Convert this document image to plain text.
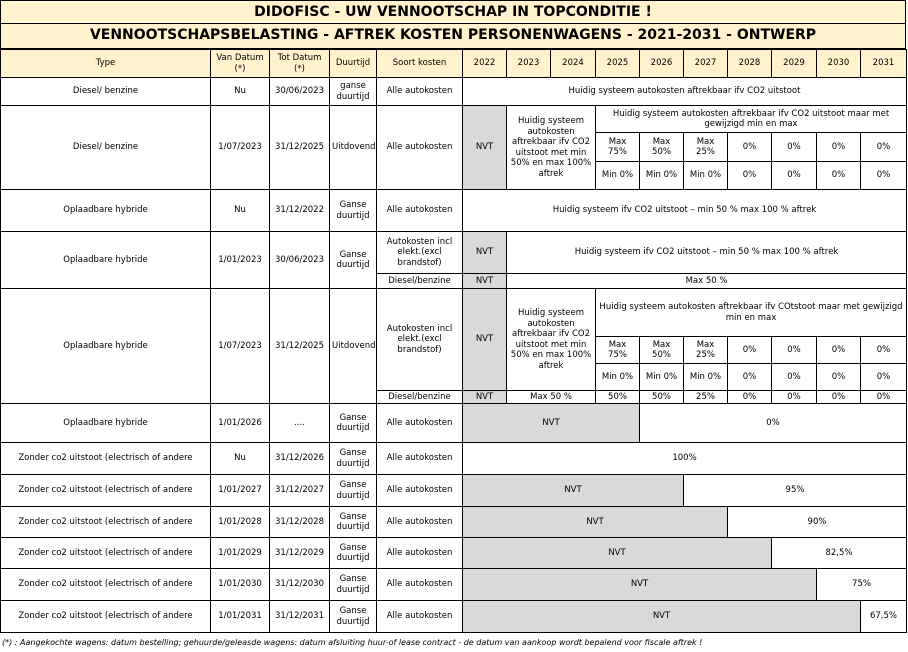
DIDOFISC - UW VENNOOTSCHAP IN TOPCONDITIE !
VENNOOTSCHAPSBELASTING - AFTREK KOSTEN PERSONENWAGENS - 2021-2031 - ONTWERP
Type	Van Datum (*)	Tot Datum (*)	Duurtijd	Soort kosten	2022	2023	2024	2025	2026	2027	2028	2029	2030	2031
Diesel/ benzine	Nu	30/06/2023	ganse duurtijd	Alle autokosten	Huidig systeem autokosten aftrekbaar ifv CO2 uitstoot									
Diesel/ benzine	1/07/2023	31/12/2025	Uitdovend	Alle autokosten	NVT	Huidig systeem autokosten aftrekbaar ifv CO2 uitstoot met min 50% en max 100% aftrek		Huidig systeem autokosten aftrekbaar ifv CO2 uitstoot maar met gewijzigd min en max						
								Max 75%	Max 50%	Max 25%	0%	0%	0%	0%
								Min 0%	Min 0%	Min 0%	0%	0%	0%	0%
Oplaadbare hybride	Nu	31/12/2022	Ganse duurtijd	Alle autokosten	Huidig systeem ifv CO2 uitstoot – min 50 % max 100 % aftrek									
Oplaadbare hybride	1/01/2023	30/06/2023	Ganse duurtijd	Autokosten incl elekt.(excl brandstof)	NVT	Huidig systeem ifv CO2 uitstoot – min 50 % max 100 % aftrek								
				Diesel/benzine	NVT	Max 50 %								
Oplaadbare hybride	1/07/2023	31/12/2025	Uitdovend	Autokosten incl elekt.(excl brandstof)	NVT	Huidig systeem autokosten aftrekbaar ifv CO2 uitstoot met min 50% en max 100% aftrek		Huidig systeem autokosten aftrekbaar ifv COtstoot maar met gewijzigd min en max						
								Max 75%	Max 50%	Max 25%	0%	0%	0%	0%
								Min 0%	Min 0%	Min 0%	0%	0%	0%	0%
				Diesel/benzine	NVT	Max 50 %		50%	50%	25%	0%	0%	0%	0%
Oplaadbare hybride	1/01/2026	....	Ganse duurtijd	Alle autokosten	NVT				0%					
Zonder co2 uitstoot (electrisch of andere	Nu	31/12/2026	Ganse duurtijd	Alle autokosten	100%									
Zonder co2 uitstoot (electrisch of andere	1/01/2027	31/12/2027	Ganse duurtijd	Alle autokosten	NVT					95%				
Zonder co2 uitstoot (electrisch of andere	1/01/2028	31/12/2028	Ganse duurtijd	Alle autokosten	NVT						90%			
Zonder co2 uitstoot (electrisch of andere	1/01/2029	31/12/2029	Ganse duurtijd	Alle autokosten	NVT							82,5%		
Zonder co2 uitstoot (electrisch of andere	1/01/2030	31/12/2030	Ganse duurtijd	Alle autokosten	NVT								75%	
Zonder co2 uitstoot (electrisch of andere	1/01/2031	31/12/2031	Ganse duurtijd	Alle autokosten	NVT									67,5%
(*) : Aangekochte wagens: datum bestelling; gehuurde/geleasde wagens: datum afsluiting huur-of lease contract - de datum van aankoop wordt bepalend voor fiscale aftrek !
